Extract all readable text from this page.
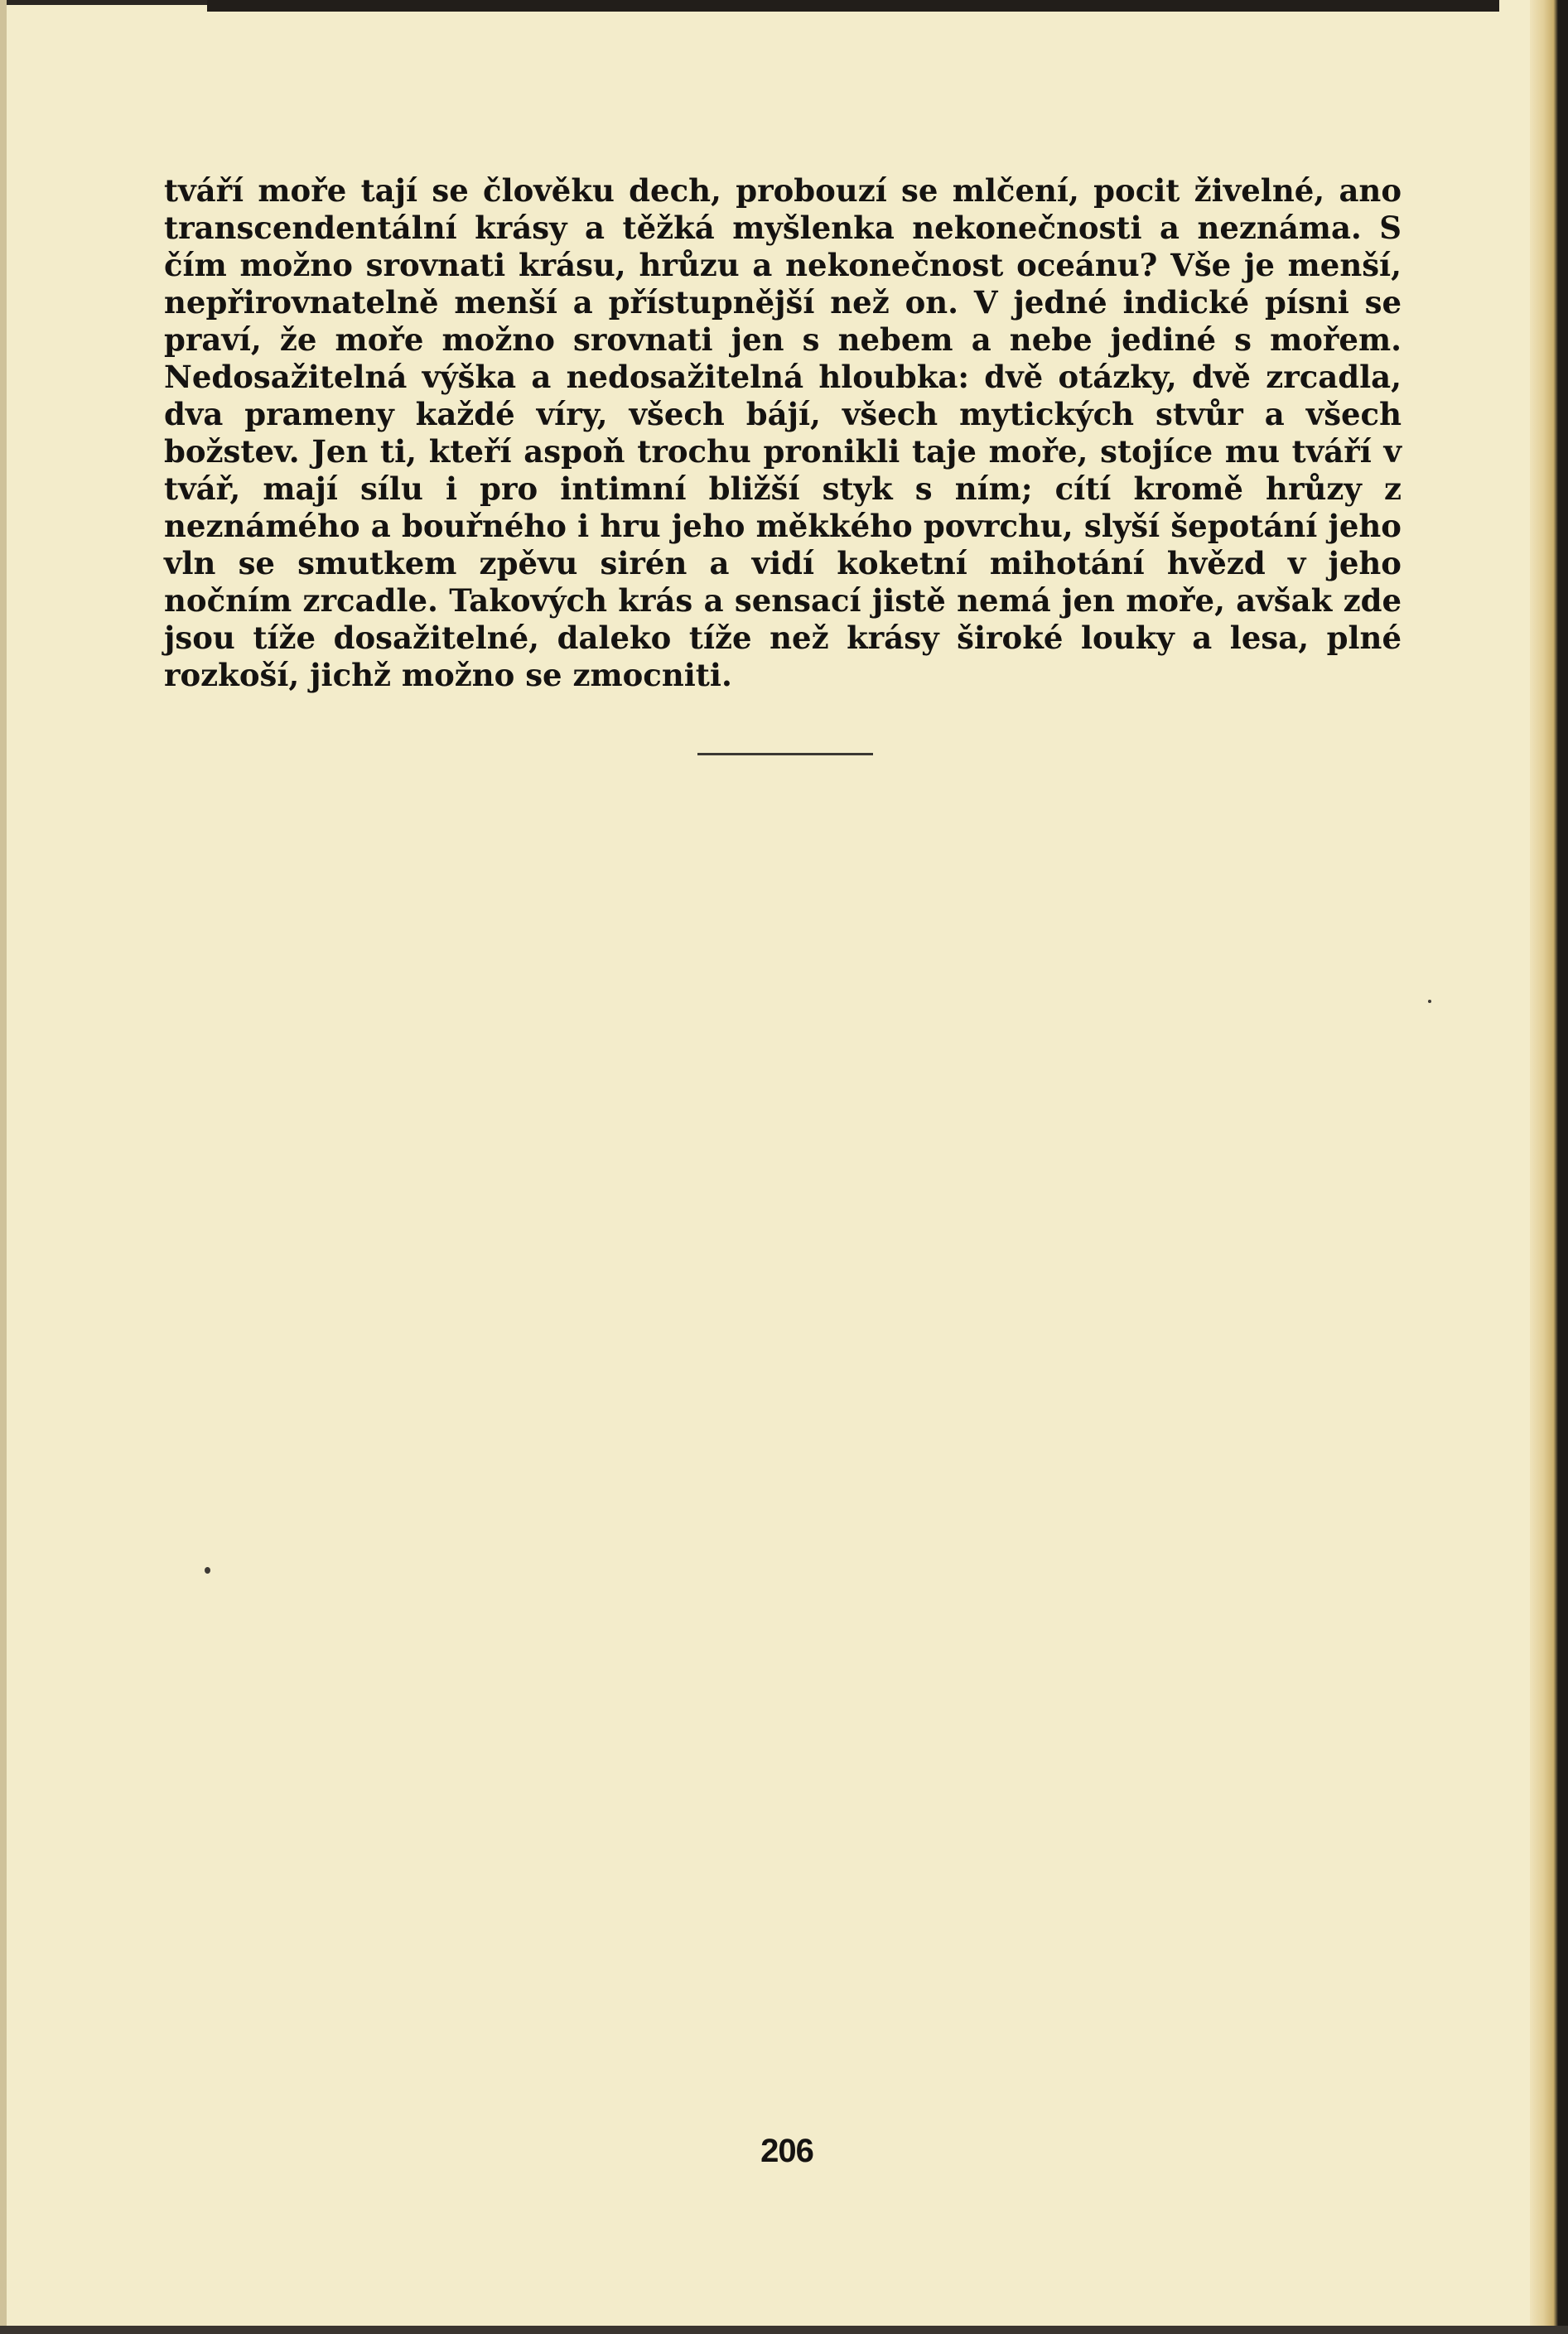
tváří moře tají se člověku dech, probouzí se mlčení, pocit živelné, ano transcendentální krásy a těžká myšlenka nekonečnosti a neznáma. S čím možno srovnati krásu, hrůzu a nekonečnost oceánu? Vše je menší, nepřirovnatelně menší a přístupnější než on. V jedné indické písni se praví, že moře možno srovnati jen s nebem a nebe jediné s mořem. Nedosažitelná výška a nedosažitelná hloubka: dvě otázky, dvě zrcadla, dva prameny každé víry, všech bájí, všech mytických stvůr a všech božstev. Jen ti, kteří aspoň trochu pronikli taje moře, stojíce mu tváří v tvář, mají sílu i pro intimní bližší styk s ním; cítí kromě hrůzy z neznámého a bouřného i hru jeho měkkého povrchu, slyší šepotání jeho vln se smutkem zpěvu sirén a vidí koketní mihotání hvězd v jeho nočním zrcadle. Takových krás a sensací jistě nemá jen moře, avšak zde jsou tíže dosažitelné, daleko tíže než krásy široké louky a lesa, plné rozkoší, jichž možno se zmocniti.

206
